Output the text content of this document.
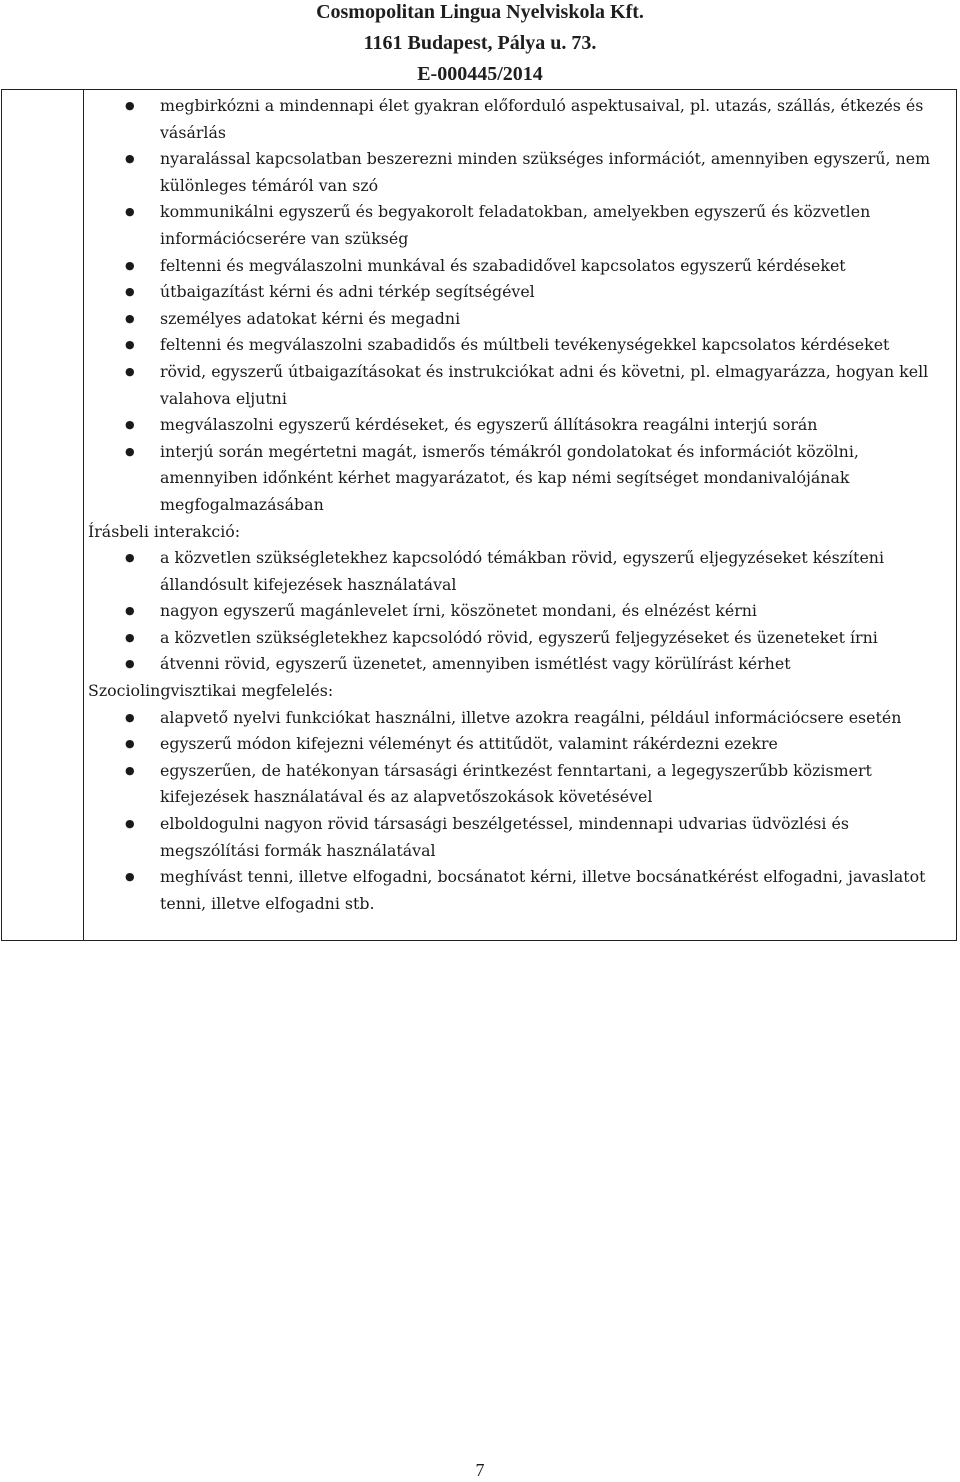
Cosmopolitan Lingua Nyelviskola Kft.
1161 Budapest, Pálya u. 73.
E-000445/2014
● megbirkózni a mindennapi élet gyakran előforduló aspektusaival, pl. utazás, szállás, étkezés és vásárlás
● nyaralással kapcsolatban beszerezni minden szükséges információt, amennyiben egyszerű, nem különleges témáról van szó
● kommunikálni egyszerű és begyakorolt feladatokban, amelyekben egyszerű és közvetlen információcserére van szükség
● feltenni és megválaszolni munkával és szabadidővel kapcsolatos egyszerű kérdéseket
● útbaigazítást kérni és adni térkép segítségével
● személyes adatokat kérni és megadni
● feltenni és megválaszolni szabadidős és múltbeli tevékenységekkel kapcsolatos kérdéseket
● rövid, egyszerű útbaigazításokat és instrukciókat adni és követni, pl. elmagyarázza, hogyan kell valahova eljutni
● megválaszolni egyszerű kérdéseket, és egyszerű állításokra reagálni interjú során
● interjú során megértetni magát, ismerős témákról gondolatokat és információt közölni, amennyiben időnként kérhet magyarázatot, és kap némi segítséget mondanivalójának megfogalmazásában
Írásbeli interakció:
● a közvetlen szükségletekhez kapcsolódó témákban rövid, egyszerű eljegyzéseket készíteni állandósult kifejezések használatával
● nagyon egyszerű magánlevelet írni, köszönetet mondani, és elnézést kérni
● a közvetlen szükségletekhez kapcsolódó rövid, egyszerű feljegyzéseket és üzeneteket írni
● átvenni rövid, egyszerű üzenetet, amennyiben ismétlést vagy körülírást kérhet
Szociolingvisztikai megfelelés:
● alapvető nyelvi funkciókat használni, illetve azokra reagálni, például információcsere esetén
● egyszerű módon kifejezni véleményt és attitűdöt, valamint rákérdezni ezekre
● egyszerűen, de hatékonyan társasági érintkezést fenntartani, a legegyszerűbb közismert kifejezések használatával és az alapvetőszokások követésével
● elboldogulni nagyon rövid társasági beszélgetéssel, mindennapi udvarias üdvözlési és megszólítási formák használatával
● meghívást tenni, illetve elfogadni, bocsánatot kérni, illetve bocsánatkérést elfogadni, javaslatot tenni, illetve elfogadni stb.
7
